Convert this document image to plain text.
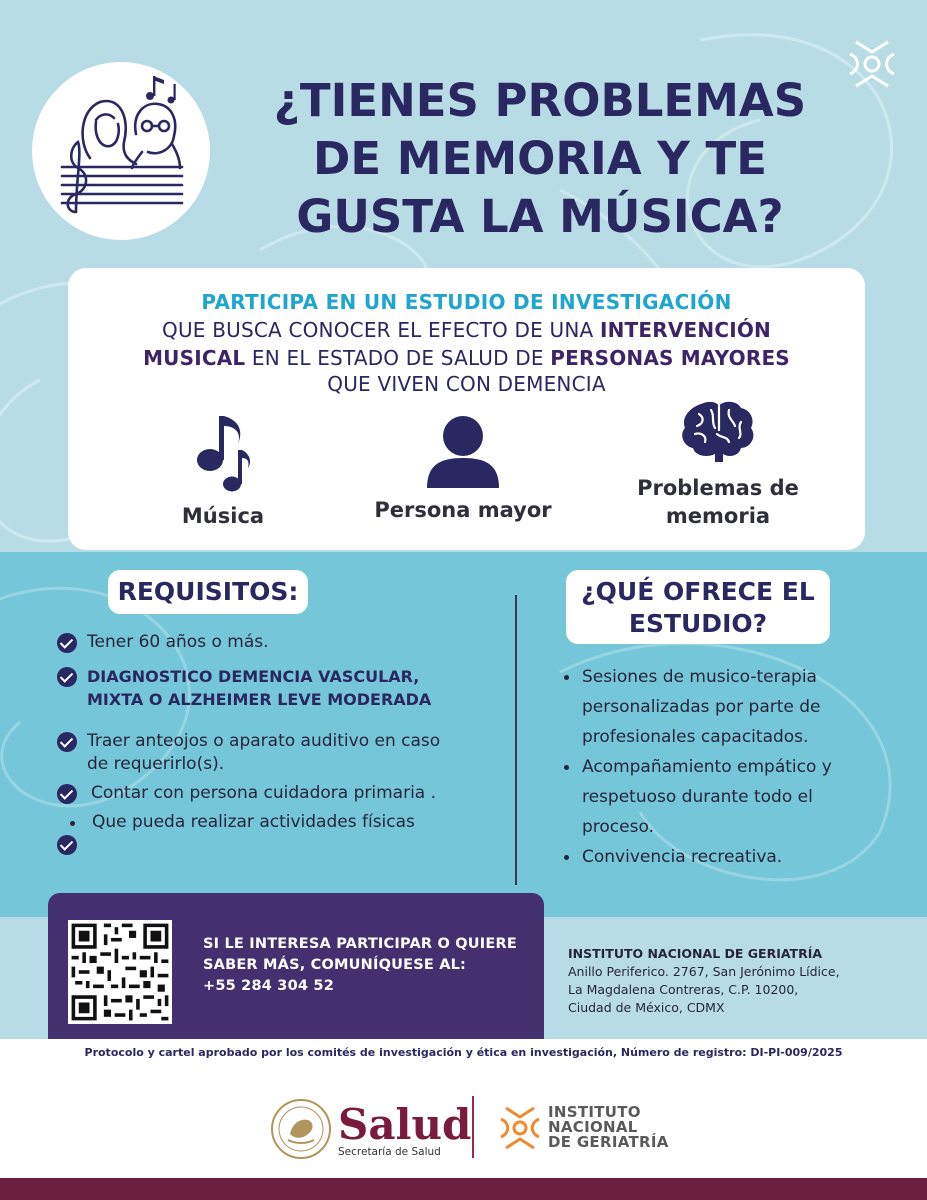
¿TIENES PROBLEMAS
DE MEMORIA Y TE
GUSTA LA MÚSICA?
PARTICIPA EN UN ESTUDIO DE INVESTIGACIÓN
QUE BUSCA CONOCER EL EFECTO DE UNA INTERVENCIÓN
MUSICAL EN EL ESTADO DE SALUD DE PERSONAS MAYORES
QUE VIVEN CON DEMENCIA
Música	Persona mayor
Problemas de
memoria
REQUISITOS:	¿QUÉ OFRECE EL
ESTUDIO?
Tener 60 años o más.
DIAGNOSTICO DEMENCIA VASCULAR,
MIXTA O ALZHEIMER LEVE MODERADA
Traer anteojos o aparato auditivo en caso
de requerirlo(s).
Contar con persona cuidadora primaria .
Que pueda realizar actividades físicas
Sesiones de musico-terapia
personalizadas por parte de
profesionales capacitados.
Acompañamiento empático y
respetuoso durante todo el
proceso.
Convivencia recreativa.
SI LE INTERESA PARTICIPAR O QUIERE
SABER MÁS, COMUNÍQUESE AL:
+55 284 304 52
INSTITUTO NACIONAL DE GERIATRÍA
Anillo Periferico. 2767, San Jerónimo Lídice,
La Magdalena Contreras, C.P. 10200,
Ciudad de México, CDMX
Protocolo y cartel aprobado por los comités de investigación y ética en investigación, Número de registro: DI-PI-009/2025
Salud
Secretaría de Salud
INSTITUTO
NACIONAL
DE GERIATRÍA
